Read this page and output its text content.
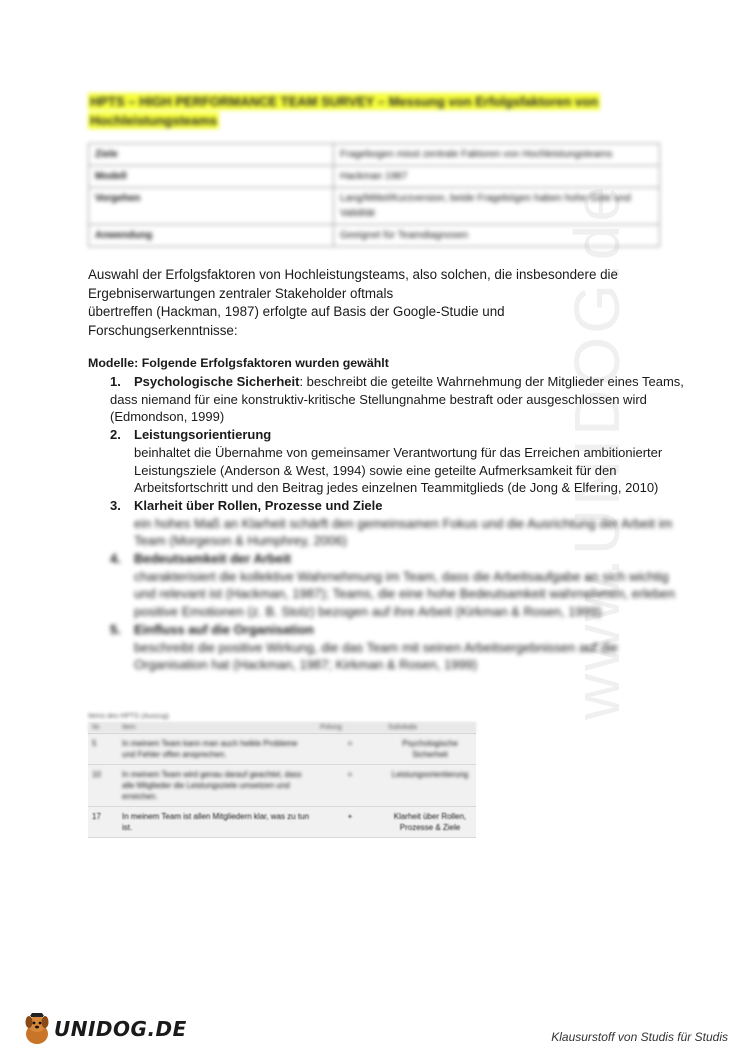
www.UNIDOG.de
HPTS – HIGH PERFORMANCE TEAM SURVEY – Messung von Erfolgsfaktoren von Hochleistungsteams
Ziele	Fragebogen misst zentrale Faktoren von Hochleistungsteams
Modell	Hackman 1987
Vorgehen	Lang/Mittel/Kurzversion, beide Fragebögen haben hohe Güte und Validität
Anwendung	Geeignet für Teamdiagnosen

Auswahl der Erfolgsfaktoren von Hochleistungsteams, also solchen, die insbesondere die

Ergebniserwartungen zentraler Stakeholder oftmals

übertreffen (Hackman, 1987) erfolgte auf Basis der Google-Studie und

Forschungserkenntnisse:

Modelle: Folgende Erfolgsfaktoren wurden gewählt
1. Psychologische Sicherheit: beschreibt die geteilte Wahrnehmung der Mitglieder eines Teams, dass niemand für eine konstruktiv-kritische Stellungnahme bestraft oder ausgeschlossen wird (Edmondson, 1999)
2. Leistungsorientierung
beinhaltet die Übernahme von gemeinsamer Verantwortung für das Erreichen ambitionierter Leistungsziele (Anderson & West, 1994) sowie eine geteilte Aufmerksamkeit für den Arbeitsfortschritt und den Beitrag jedes einzelnen Teammitglieds (de Jong & Elfering, 2010)
3. Klarheit über Rollen, Prozesse und Ziele
ein hohes Maß an Klarheit schärft den gemeinsamen Fokus und die Ausrichtung der Arbeit im Team (Morgeson & Humphrey, 2006)
4. Bedeutsamkeit der Arbeit
charakterisiert die kollektive Wahrnehmung im Team, dass die Arbeitsaufgabe an sich wichtig und relevant ist (Hackman, 1987); Teams, die eine hohe Bedeutsamkeit wahrnehmen, erleben positive Emotionen (z. B. Stolz) bezogen auf ihre Arbeit (Kirkman & Rosen, 1999)
5. Einfluss auf die Organisation
beschreibt die positive Wirkung, die das Team mit seinen Arbeitsergebnissen auf die Organisation hat (Hackman, 1987; Kirkman & Rosen, 1999)
Items des HPTS (Auszug)
Nr.	Item	Polung	Subskala
5	In meinem Team kann man auch heikle Probleme und Fehler offen ansprechen.	+	Psychologische Sicherheit
10	In meinem Team wird genau darauf geachtet, dass alle Mitglieder die Leistungsziele umsetzen und erreichen.	+	Leistungsorientierung
17	In meinem Team ist allen Mitgliedern klar, was zu tun ist.	+	Klarheit über Rollen, Prozesse & Ziele
UNIDOG.DE	Klausurstoff von Studis für Studis
